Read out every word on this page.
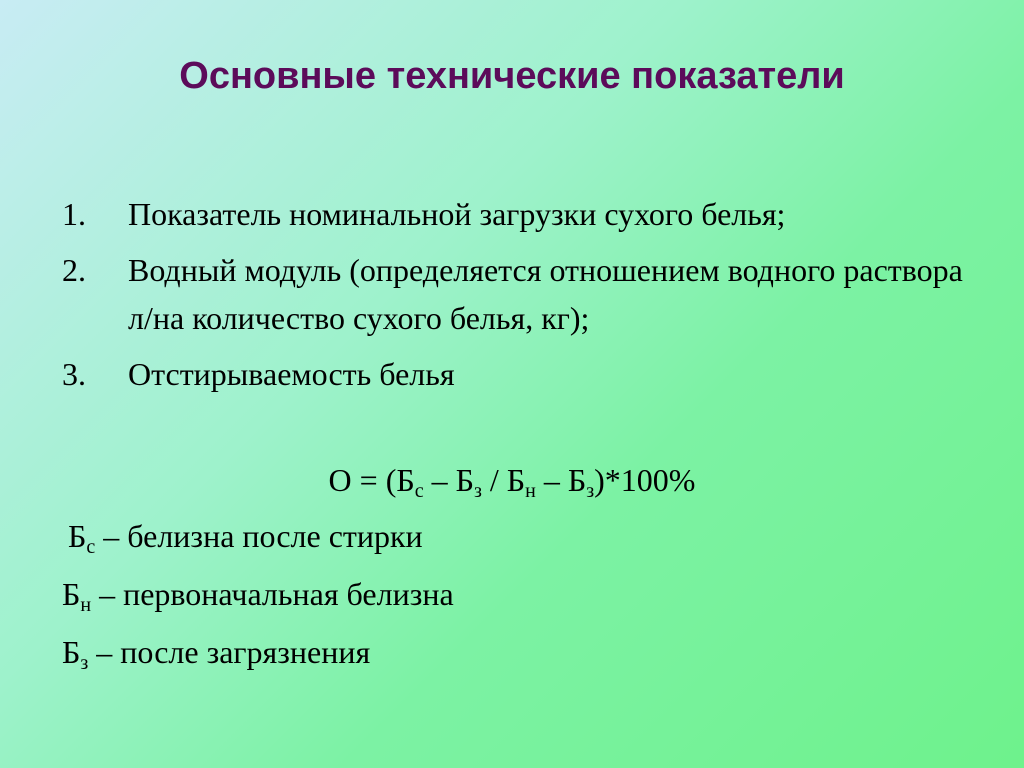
Основные технические показатели
1.	Показатель номинальной загрузки сухого белья;
2.	Водный модуль (определяется отношением водного раствора л/на количество сухого белья, кг);
3.	Отстирываемость белья
$О = (Б_с - Б_з / Б_н - Б_з)*100\%$
$Б_с$ – белизна после стирки
$Б_н$ – первоначальная белизна
$Б_з$ – после загрязнения
